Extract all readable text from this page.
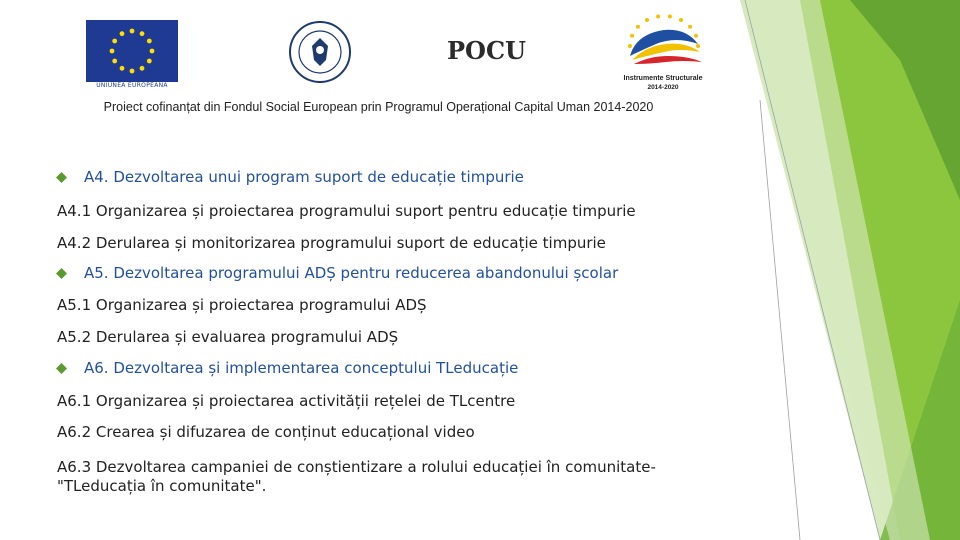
UNIUNEA EUROPEANĂ
POCU
Instrumente Structurale
2014-2020
Proiect cofinanțat din Fondul Social European prin Programul Operațional Capital Uman 2014-2020
A4. Dezvoltarea unui program suport de educație timpurie
A4.1 Organizarea și proiectarea programului suport pentru educație timpurie
A4.2 Derularea și monitorizarea programului suport de educație timpurie
A5. Dezvoltarea programului ADȘ pentru reducerea abandonului școlar
A5.1 Organizarea și proiectarea programului ADȘ
A5.2 Derularea și evaluarea programului ADȘ
A6. Dezvoltarea și implementarea conceptului TLeducație
A6.1 Organizarea și proiectarea activității rețelei de TLcentre
A6.2 Crearea și difuzarea de conținut educațional video
A6.3 Dezvoltarea campaniei de conștientizare a rolului educației în comunitate-
"TLeducația în comunitate".
